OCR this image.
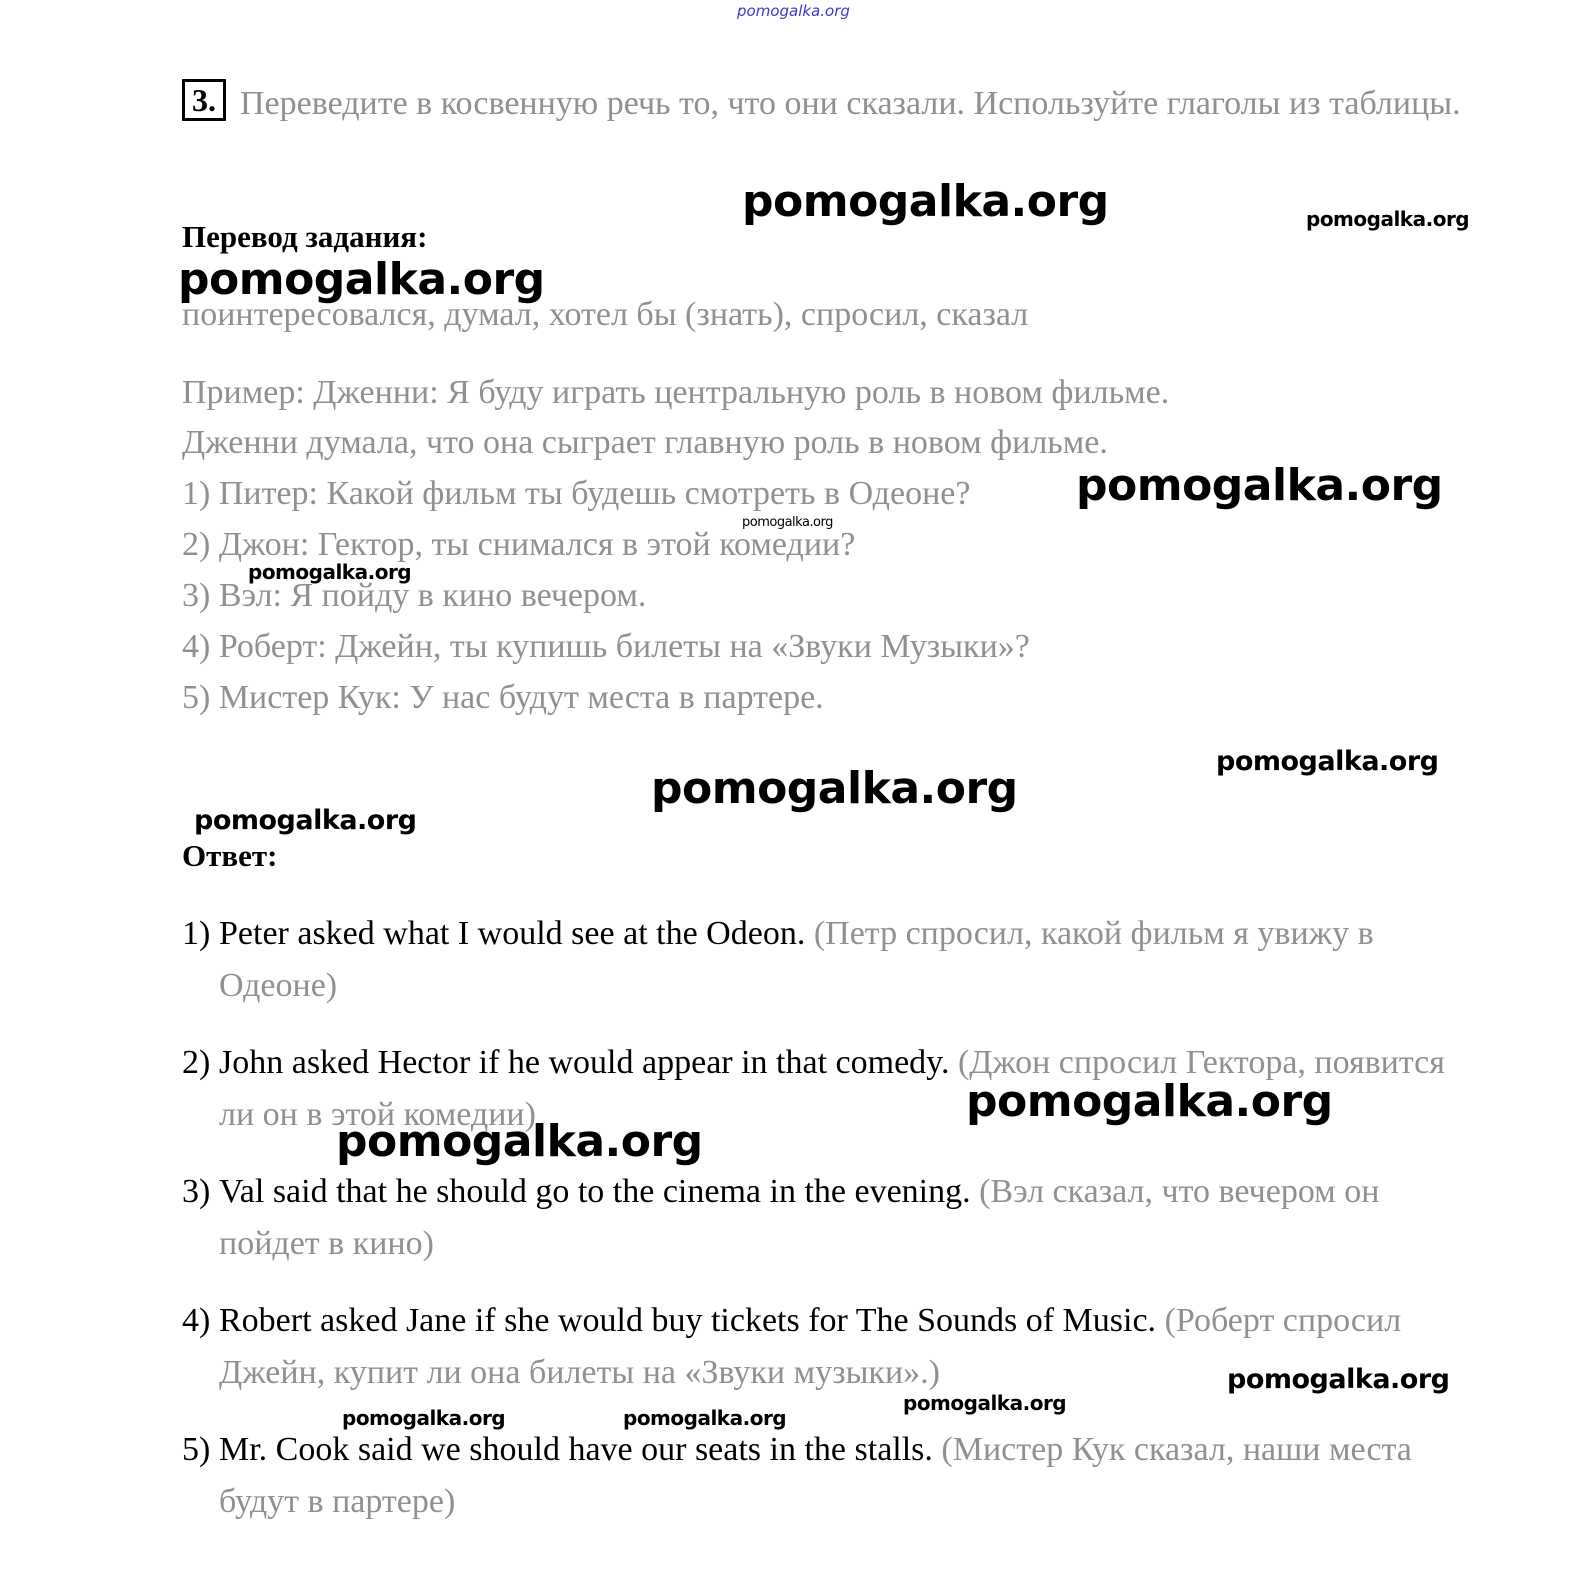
pomogalka.org
3. Переведите в косвенную речь то, что они сказали. Используйте глаголы из таблицы.
Перевод задания:
поинтересовался, думал, хотел бы (знать), спросил, сказал
Пример: Дженни: Я буду играть центральную роль в новом фильме.
Дженни думала, что она сыграет главную роль в новом фильме.
1) Питер: Какой фильм ты будешь смотреть в Одеоне?
2) Джон: Гектор, ты снимался в этой комедии?
3) Вэл: Я пойду в кино вечером.
4) Роберт: Джейн, ты купишь билеты на «Звуки Музыки»?
5) Мистер Кук: У нас будут места в партере.
Ответ:
1) Peter asked what I would see at the Odeon. (Петр спросил, какой фильм я увижу в Одеоне)
2) John asked Hector if he would appear in that comedy. (Джон спросил Гектора, появится ли он в этой комедии)
3) Val said that he should go to the cinema in the evening. (Вэл сказал, что вечером он пойдет в кино)
4) Robert asked Jane if she would buy tickets for The Sounds of Music. (Роберт спросил Джейн, купит ли она билеты на «Звуки музыки».)
5) Mr. Cook said we should have our seats in the stalls. (Мистер Кук сказал, наши места будут в партере)
pomogalka.org	pomogalka.org
pomogalka.org
pomogalka.org
pomogalka.org
pomogalka.org
pomogalka.org
pomogalka.org
pomogalka.org
pomogalka.org
pomogalka.org
pomogalka.org
pomogalka.org	pomogalka.org
pomogalka.org
